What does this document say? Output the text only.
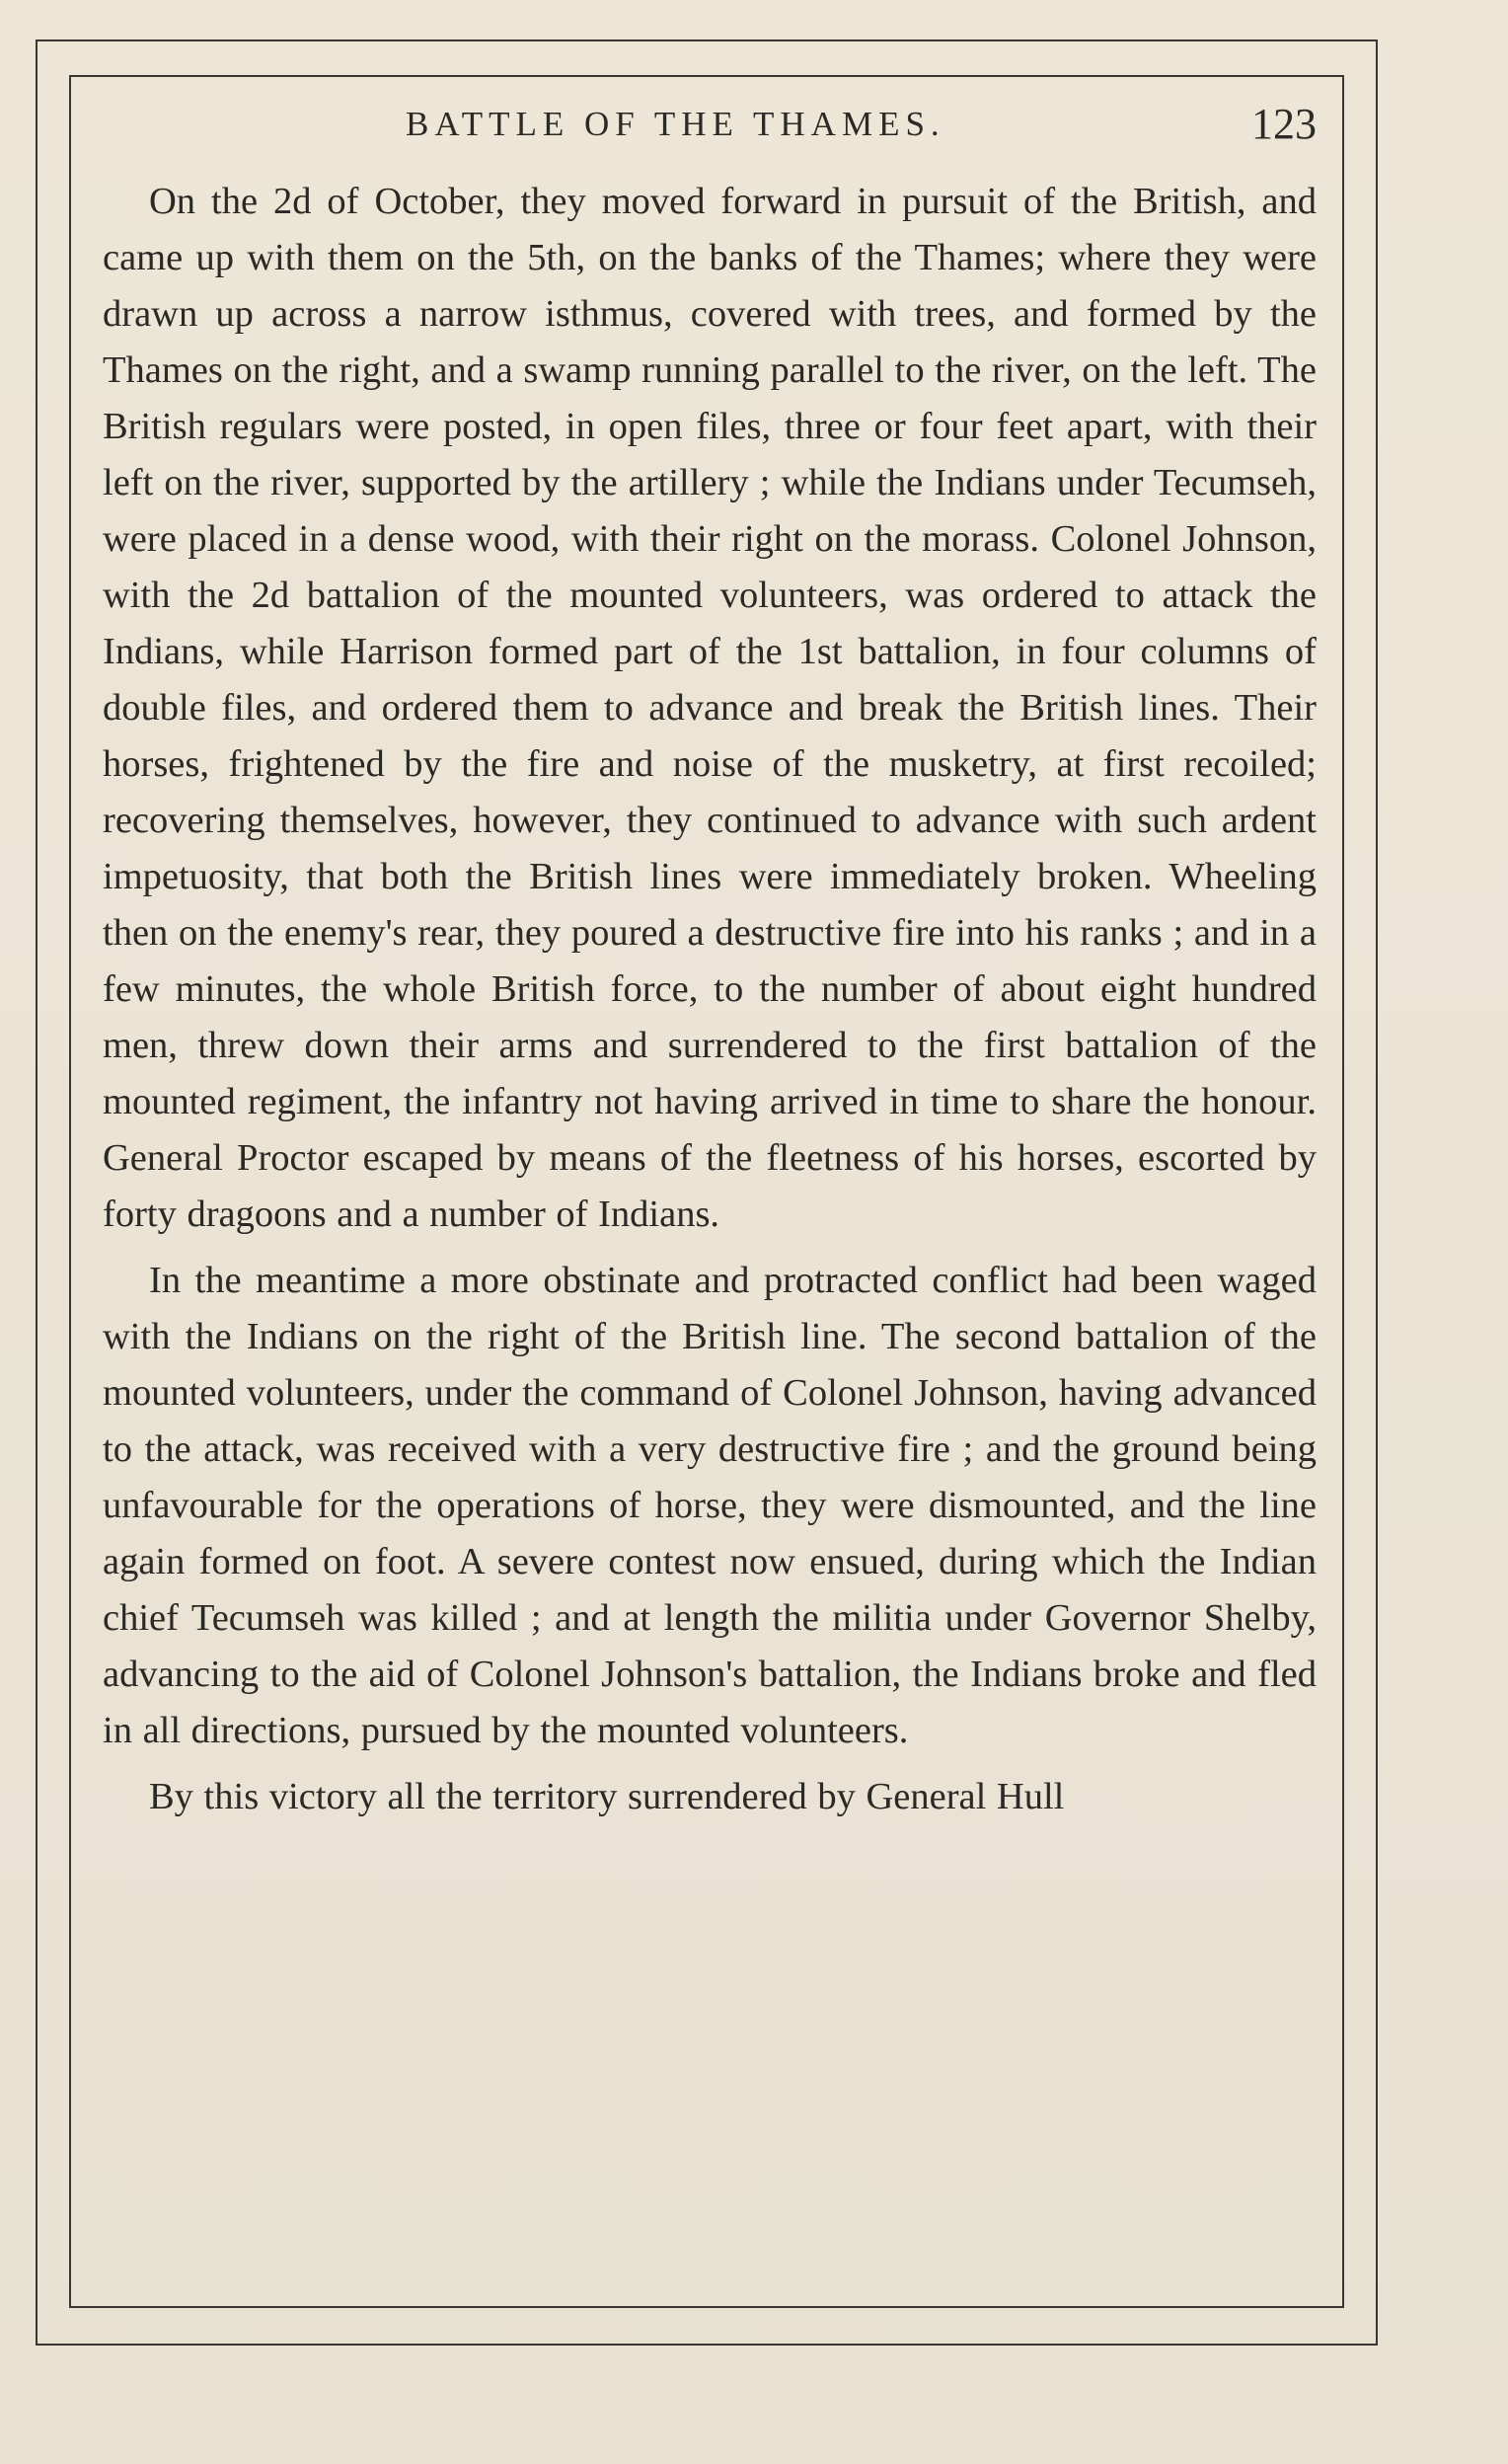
BATTLE OF THE THAMES.	123

On the 2d of October, they moved forward in pursuit of the British, and came up with them on the 5th, on the banks of the Thames; where they were drawn up across a narrow isthmus, covered with trees, and formed by the Thames on the right, and a swamp running parallel to the river, on the left. The British regulars were posted, in open files, three or four feet apart, with their left on the river, supported by the artillery ; while the Indians under Tecumseh, were placed in a dense wood, with their right on the morass. Colonel Johnson, with the 2d battalion of the mounted volunteers, was ordered to attack the Indians, while Harrison formed part of the 1st battalion, in four columns of double files, and ordered them to advance and break the British lines. Their horses, frightened by the fire and noise of the musketry, at first recoiled; recovering themselves, however, they continued to advance with such ardent impetuosity, that both the British lines were immediately broken. Wheeling then on the enemy's rear, they poured a destructive fire into his ranks ; and in a few minutes, the whole British force, to the number of about eight hundred men, threw down their arms and surrendered to the first battalion of the mounted regiment, the infantry not having arrived in time to share the honour. General Proctor escaped by means of the fleetness of his horses, escorted by forty dragoons and a number of Indians.

In the meantime a more obstinate and protracted conflict had been waged with the Indians on the right of the British line. The second battalion of the mounted volunteers, under the command of Colonel Johnson, having advanced to the attack, was received with a very destructive fire ; and the ground being unfavourable for the operations of horse, they were dismounted, and the line again formed on foot. A severe contest now ensued, during which the Indian chief Tecumseh was killed ; and at length the militia under Governor Shelby, advancing to the aid of Colonel Johnson's battalion, the Indians broke and fled in all directions, pursued by the mounted volunteers.

By this victory all the territory surrendered by General Hull
